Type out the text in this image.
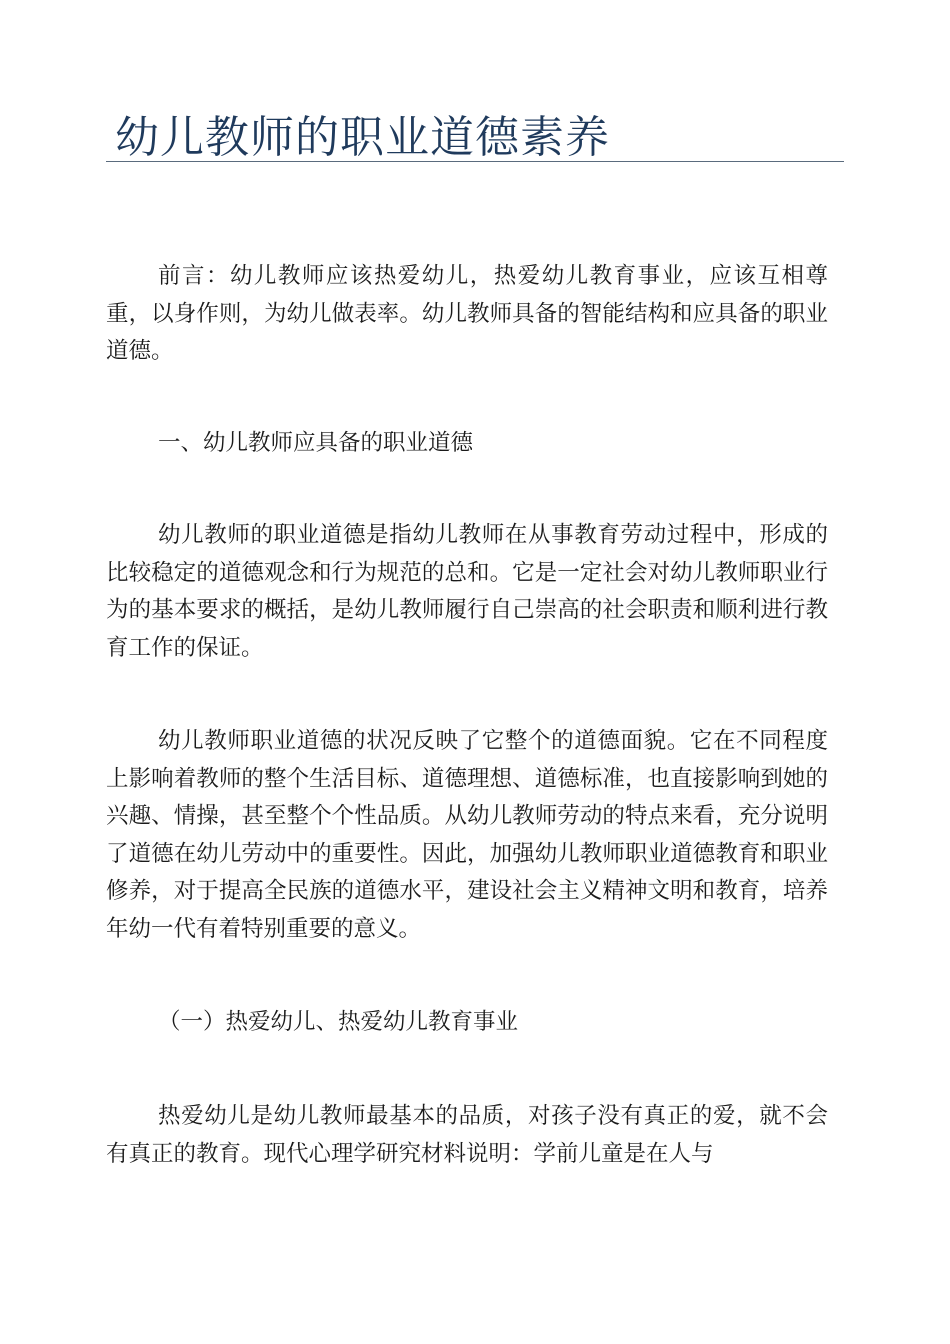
幼儿教师的职业道德素养

前言：幼儿教师应该热爱幼儿，热爱幼儿教育事业，应该互相尊重，以身作则，为幼儿做表率。幼儿教师具备的智能结构和应具备的职业道德。

一、幼儿教师应具备的职业道德

幼儿教师的职业道德是指幼儿教师在从事教育劳动过程中，形成的比较稳定的道德观念和行为规范的总和。它是一定社会对幼儿教师职业行为的基本要求的概括，是幼儿教师履行自己崇高的社会职责和顺利进行教育工作的保证。

幼儿教师职业道德的状况反映了它整个的道德面貌。它在不同程度上影响着教师的整个生活目标、道德理想、道德标准，也直接影响到她的兴趣、情操，甚至整个个性品质。从幼儿教师劳动的特点来看，充分说明了道德在幼儿劳动中的重要性。因此，加强幼儿教师职业道德教育和职业修养，对于提高全民族的道德水平，建设社会主义精神文明和教育，培养年幼一代有着特别重要的意义。

（一）热爱幼儿、热爱幼儿教育事业

热爱幼儿是幼儿教师最基本的品质，对孩子没有真正的爱，就不会有真正的教育。现代心理学研究材料说明：学前儿童是在人与
